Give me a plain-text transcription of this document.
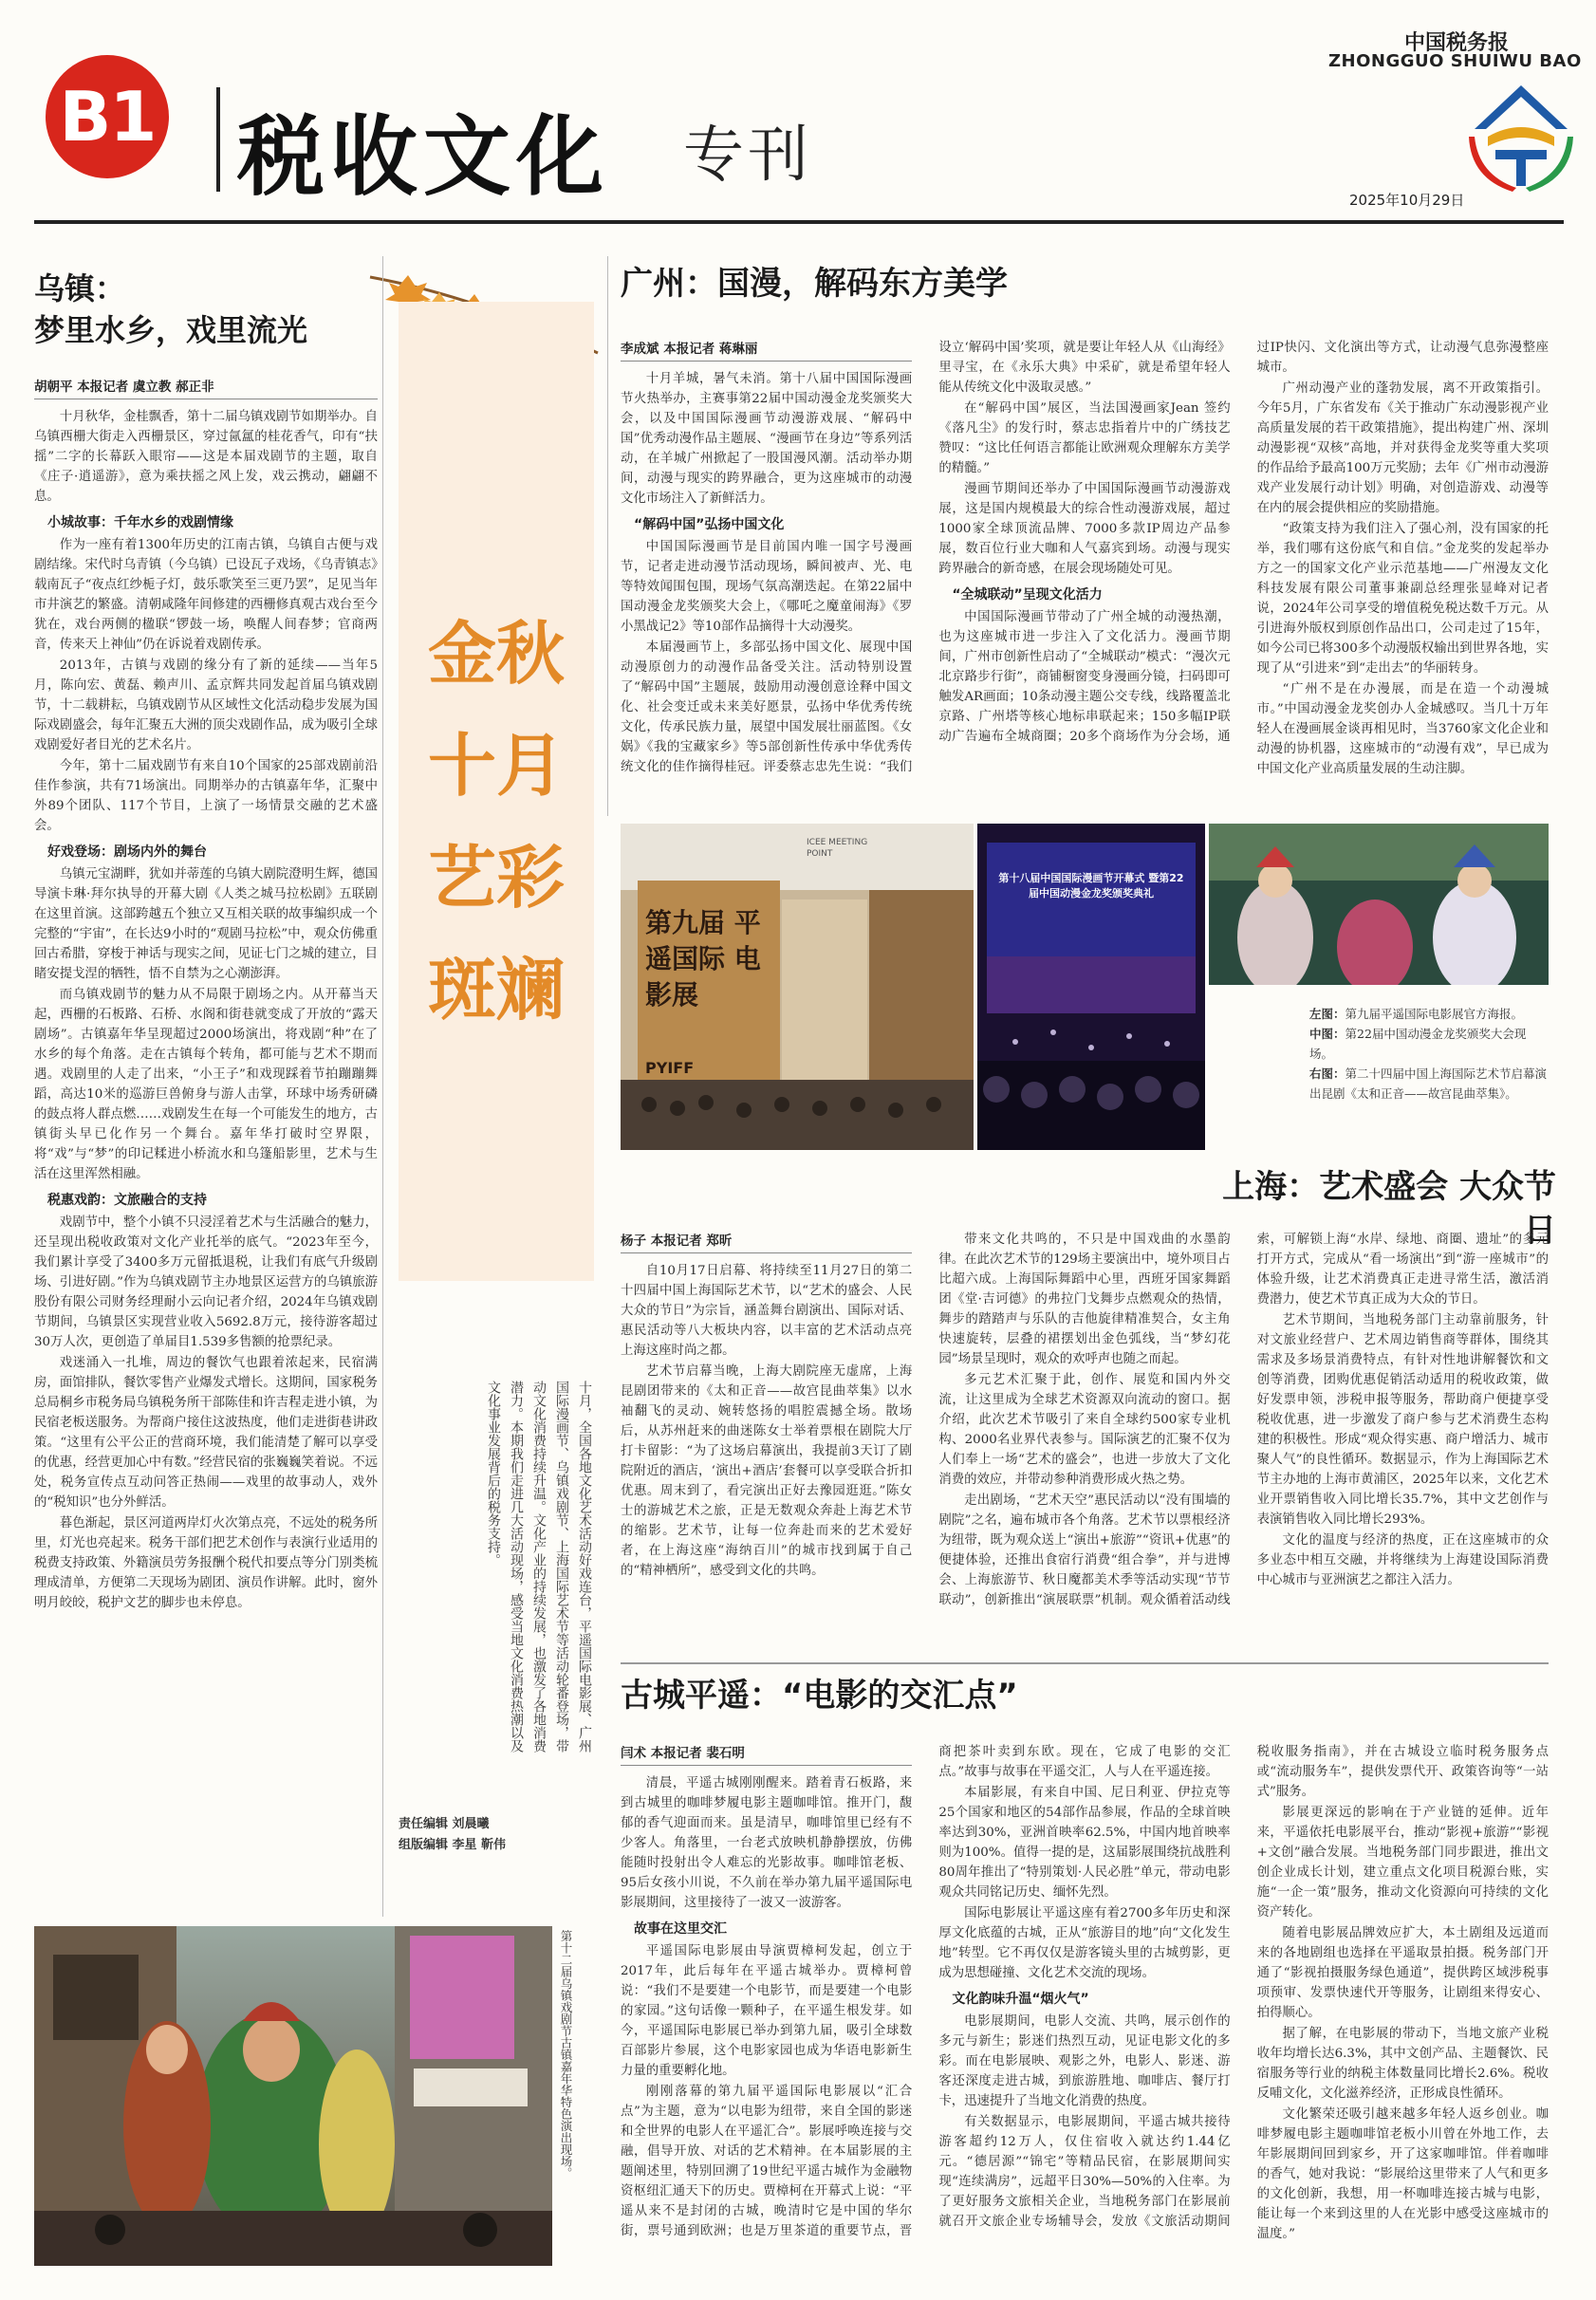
B1 税收文化 专刊
中国税务报
ZHONGGUO SHUIWU BAO
2025年10月29日
乌镇：
梦里水乡，戏里流光
胡朝平 本报记者 虞立教 郝正非

十月秋华，金桂飘香，第十二届乌镇戏剧节如期举办。自乌镇西栅大街走入西栅景区，穿过氤氲的桂花香气，印有“扶摇”二字的长幕跃入眼帘——这是本届戏剧节的主题，取自《庄子·逍遥游》，意为乘扶摇之风上发，戏云携动，翩翩不息。

小城故事：千年水乡的戏剧情缘

作为一座有着1300年历史的江南古镇，乌镇自古便与戏剧结缘。宋代时乌青镇（今乌镇）已设瓦子戏场，《乌青镇志》载南瓦子“夜点红纱栀子灯，鼓乐歌笑至三更乃罢”，足见当年市井演艺的繁盛。清朝咸隆年间修建的西栅修真观古戏台至今犹在，戏台两侧的楹联“锣鼓一场，唤醒人间春梦；官商两音，传来天上神仙”仍在诉说着戏剧传承。

2013年，古镇与戏剧的缘分有了新的延续——当年5月，陈向宏、黄磊、赖声川、孟京辉共同发起首届乌镇戏剧节，十二载耕耘，乌镇戏剧节从区域性文化活动稳步发展为国际戏剧盛会，每年汇聚五大洲的顶尖戏剧作品，成为吸引全球戏剧爱好者目光的艺术名片。

今年，第十二届戏剧节有来自10个国家的25部戏剧前沿佳作参演，共有71场演出。同期举办的古镇嘉年华，汇聚中外89个团队、117个节目，上演了一场情景交融的艺术盛会。

好戏登场：剧场内外的舞台

乌镇元宝湖畔，犹如并蒂莲的乌镇大剧院澄明生辉，德国导演卡琳·拜尔执导的开幕大剧《人类之城马拉松剧》五联剧在这里首演。这部跨越五个独立又互相关联的故事编织成一个完整的“宇宙”，在长达9小时的“观剧马拉松”中，观众仿佛重回古希腊，穿梭于神话与现实之间，见证七门之城的建立，目睹安提戈涅的牺牲，悟不自禁为之心潮澎湃。

而乌镇戏剧节的魅力从不局限于剧场之内。从开幕当天起，西栅的石板路、石桥、水阁和街巷就变成了开放的“露天剧场”。古镇嘉年华呈现超过2000场演出，将戏剧“种”在了水乡的每个角落。走在古镇每个转角，都可能与艺术不期而遇。戏剧里的人走了出来，“小王子”和戏现踩着节拍蹦蹦舞蹈，高达10米的巡游巨兽俯身与游人击掌，环球中场秀研磷的鼓点将人群点燃……戏剧发生在每一个可能发生的地方，古镇街头早已化作另一个舞台。嘉年华打破时空界限，将“戏”与“梦”的印记糅进小桥流水和乌篷船影里，艺术与生活在这里浑然相融。

税惠戏韵：文旅融合的支持

戏剧节中，整个小镇不只浸淫着艺术与生活融合的魅力，还呈现出税收政策对文化产业托举的底气。“2023年至今，我们累计享受了3400多万元留抵退税，让我们有底气升级剧场、引进好剧。”作为乌镇戏剧节主办地景区运营方的乌镇旅游股份有限公司财务经理耐小云向记者介绍，2024年乌镇戏剧节期间，乌镇景区实现营业收入5692.8万元，接待游客超过30万人次，更创造了单届目1.539多售额的抢票纪录。

戏迷涌入一扎堆，周边的餐饮气也跟着浓起来，民宿满房，面馆排队，餐饮零售产业爆发式增长。这期间，国家税务总局桐乡市税务局乌镇税务所干部陈佳和许吉程走进小镇，为民宿老板送服务。为帮商户接住这波热度，他们走进街巷讲政策。“这里有公平公正的营商环境，我们能清楚了解可以享受的优惠，经营更加心中有数。”经营民宿的张巍巍笑着说。不远处，税务宣传点互动问答正热闹——戏里的故事动人，戏外的“税知识”也分外鲜活。

暮色渐起，景区河道两岸灯火次第点亮，不远处的税务所里，灯光也亮起来。税务干部们把艺术创作与表演行业适用的税费支持政策、外籍演员劳务报酬个税代扣要点等分门别类梳理成清单，方便第二天现场为剧团、演员作讲解。此时，窗外明月皎皎，税护文艺的脚步也未停息。

金秋十月 艺彩斑斓
十月，全国各地文化艺术活动好戏连台，平遥国际电影展、广州国际漫画节、乌镇戏剧节、上海国际艺术节等活动轮番登场，带动文化消费持续升温。文化产业的持续发展，也激发了各地消费潜力。本期我们走进几大活动现场，感受当地文化消费热潮以及文化事业发展背后的税务支持。
责任编辑 刘晨曦
组版编辑 李星 靳伟
第十二届乌镇戏剧节古镇嘉年华特色演出现场。
广州：国漫，解码东方美学
李成斌 本报记者 蒋琳丽

十月羊城，暑气未消。第十八届中国国际漫画节火热举办，主赛事第22届中国动漫金龙奖颁奖大会，以及中国国际漫画节动漫游戏展、“解码中国”优秀动漫作品主题展、“漫画节在身边”等系列活动，在羊城广州掀起了一股国漫风潮。活动举办期间，动漫与现实的跨界融合，更为这座城市的动漫文化市场注入了新鲜活力。

“解码中国”弘扬中国文化

中国国际漫画节是目前国内唯一国字号漫画节，记者走进动漫节活动现场，瞬间被声、光、电等特效闻围包围，现场气氛高潮迭起。在第22届中国动漫金龙奖颁奖大会上，《哪吒之魔童闹海》《罗小黑战记2》等10部作品摘得十大动漫奖。

本届漫画节上，多部弘扬中国文化、展现中国动漫原创力的动漫作品备受关注。活动特别设置了“解码中国”主题展，鼓励用动漫创意诠释中国文化、社会变迁或未来美好愿景，弘扬中华优秀传统文化，传承民族力量，展望中国发展壮丽蓝图。《女娲》《我的宝藏家乡》等5部创新性传承中华优秀传统文化的佳作摘得桂冠。评委蔡志忠先生说：“我们设立‘解码中国’奖项，就是要让年轻人从《山海经》里寻宝，在《永乐大典》中采矿，就是希望年轻人能从传统文化中汲取灵感。”

在“解码中国”展区，当法国漫画家Jean 签约《落凡尘》的发行时，蔡志忠指着片中的广绣技艺赞叹：“这比任何语言都能让欧洲观众理解东方美学的精髓。”

漫画节期间还举办了中国国际漫画节动漫游戏展，这是国内规模最大的综合性动漫游戏展，超过1000家全球顶流品牌、7000多款IP周边产品参展，数百位行业大咖和人气嘉宾到场。动漫与现实跨界融合的新奇感，在展会现场随处可见。

“全城联动”呈现文化活力

中国国际漫画节带动了广州全城的动漫热潮，也为这座城市进一步注入了文化活力。漫画节期间，广州市创新性启动了“全城联动”模式：“漫次元北京路步行街”，商铺橱窗变身漫画分镜，扫码即可触发AR画面；10条动漫主题公交专线，线路覆盖北京路、广州塔等核心地标串联起来；150多幅IP联动广告遍布全城商圈；20多个商场作为分会场，通过IP快闪、文化演出等方式，让动漫气息弥漫整座城市。

广州动漫产业的蓬勃发展，离不开政策指引。今年5月，广东省发布《关于推动广东动漫影视产业高质量发展的若干政策措施》，提出构建广州、深圳动漫影视“双核”高地，并对获得金龙奖等重大奖项的作品给予最高100万元奖励；去年《广州市动漫游戏产业发展行动计划》明确，对创造游戏、动漫等在内的展会提供相应的奖励措施。

“政策支持为我们注入了强心剂，没有国家的托举，我们哪有这份底气和自信。”金龙奖的发起举办方之一的国家文化产业示范基地——广州漫友文化科技发展有限公司董事兼副总经理张显峰对记者说，2024年公司享受的增值税免税达数千万元。从引进海外版权到原创作品出口，公司走过了15年，如今公司已将300多个动漫版权输出到世界各地，实现了从“引进来”到“走出去”的华丽转身。

“广州不是在办漫展，而是在造一个动漫城市。”中国动漫金龙奖创办人金城感叹。当几十万年轻人在漫画展金谈再相见时，当3760家文化企业和动漫的协机器，这座城市的“动漫有戏”，早已成为中国文化产业高质量发展的生动注脚。

第九届 平遥国际 电影展
PYIFF
ICEE MEETING POINT
第十八届中国国际漫画节开幕式 暨第22届中国动漫金龙奖颁奖典礼
左图：第九届平遥国际电影展官方海报。
中图：第22届中国动漫金龙奖颁奖大会现场。
右图：第二十四届中国上海国际艺术节启幕演出昆剧《太和正音——故宫昆曲萃集》。
上海：艺术盛会 大众节日
杨子 本报记者 郑昕

自10月17日启幕、将持续至11月27日的第二十四届中国上海国际艺术节，以“艺术的盛会、人民大众的节日”为宗旨，涵盖舞台剧演出、国际对话、惠民活动等八大板块内容，以丰富的艺术活动点亮上海这座时尚之都。

艺术节启幕当晚，上海大剧院座无虚席，上海昆剧团带来的《太和正音——故宫昆曲萃集》以水袖翻飞的灵动、婉转悠扬的唱腔震撼全场。散场后，从苏州赶来的曲迷陈女士举着票根在剧院大厅打卡留影：“为了这场启幕演出，我提前3天订了剧院附近的酒店，‘演出+酒店’套餐可以享受联合折扣优惠。周末到了，看完演出正好去豫园逛逛。”陈女士的游城艺术之旅，正是无数观众奔赴上海艺术节的缩影。艺术节，让每一位奔赴而来的艺术爱好者，在上海这座“海纳百川”的城市找到属于自己的“精神栖所”，感受到文化的共鸣。

带来文化共鸣的，不只是中国戏曲的水墨韵律。在此次艺术节的129场主要演出中，境外项目占比超六成。上海国际舞蹈中心里，西班牙国家舞蹈团《堂·吉诃德》的弗拉门戈舞步点燃观众的热情，舞步的踏踏声与乐队的吉他旋律精准契合，女主角快速旋转，层叠的裙摆划出金色弧线，当“梦幻花园”场景呈现时，观众的欢呼声也随之而起。

多元艺术汇聚于此，创作、展览和国内外交流，让这里成为全球艺术资源双向流动的窗口。据介绍，此次艺术节吸引了来自全球约500家专业机构、2000名业界代表参与。国际演艺的汇聚不仅为人们奉上一场“艺术的盛会”，也进一步放大了文化消费的效应，并带动参种消费形成火热之势。

走出剧场，“艺术天空”惠民活动以“没有围墙的剧院”之名，遍布城市各个角落。艺术节以票根经济为纽带，既为观众送上“演出+旅游”“资讯+优惠”的便捷体验，还推出食宿行消费“组合拳”，并与进博会、上海旅游节、秋日魔都美术季等活动实现“节节联动”，创新推出“演展联票”机制。观众循着活动线索，可解锁上海“水岸、绿地、商圈、遗址”的多元打开方式，完成从“看一场演出”到“游一座城市”的体验升级，让艺术消费真正走进寻常生活，激活消费潜力，使艺术节真正成为大众的节日。

艺术节期间，当地税务部门主动靠前服务，针对文旅业经营户、艺术周边销售商等群体，围绕其需求及多场景消费特点，有针对性地讲解餐饮和文创等消费，团购优惠促销活动适用的税收政策，做好发票申领，涉税申报等服务，帮助商户便捷享受税收优惠，进一步激发了商户参与艺术消费生态构建的积极性。形成“观众得实惠、商户增活力、城市聚人气”的良性循环。数据显示，作为上海国际艺术节主办地的上海市黄浦区，2025年以来，文化艺术业开票销售收入同比增长35.7%，其中文艺创作与表演销售收入同比增长293%。

文化的温度与经济的热度，正在这座城市的众多业态中相互交融，并将继续为上海建设国际消费中心城市与亚洲演艺之都注入活力。

古城平遥：“电影的交汇点”
闫术 本报记者 裴石明

清晨，平遥古城刚刚醒来。踏着青石板路，来到古城里的咖啡梦履电影主题咖啡馆。推开门，馥郁的香气迎面而来。虽是清早，咖啡馆里已经有不少客人。角落里，一台老式放映机静静摆放，仿佛能随时投射出令人难忘的光影故事。咖啡馆老板、95后女孩小川说，不久前在举办第九届平遥国际电影展期间，这里接待了一波又一波游客。

故事在这里交汇

平遥国际电影展由导演贾樟柯发起，创立于2017年，此后每年在平遥古城举办。贾樟柯曾说：“我们不是要建一个电影节，而是要建一个电影的家园。”这句话像一颗种子，在平遥生根发芽。如今，平遥国际电影展已举办到第九届，吸引全球数百部影片参展，这个电影家园也成为华语电影新生力量的重要孵化地。

刚刚落幕的第九届平遥国际电影展以“汇合点”为主题，意为“以电影为纽带，来自全国的影迷和全世界的电影人在平遥汇合”。影展呼唤连接与交融，倡导开放、对话的艺术精神。在本届影展的主题阐述里，特别回溯了19世纪平遥古城作为金融物资枢纽汇通天下的历史。贾樟柯在开幕式上说：“平遥从来不是封闭的古城，晚清时它是中国的华尔街，票号通到欧洲；也是万里茶道的重要节点，晋商把茶叶卖到东欧。现在，它成了电影的交汇点。”故事与故事在平遥交汇，人与人在平遥连接。

本届影展，有来自中国、尼日利亚、伊拉克等25个国家和地区的54部作品参展，作品的全球首映率达到30%，亚洲首映率62.5%，中国内地首映率则为100%。值得一提的是，这届影展围绕抗战胜利80周年推出了“特别策划·人民必胜”单元，带动电影观众共同铭记历史、缅怀先烈。

国际电影展让平遥这座有着2700多年历史和深厚文化底蕴的古城，正从“旅游目的地”向“文化发生地”转型。它不再仅仅是游客镜头里的古城剪影，更成为思想碰撞、文化艺术交流的现场。

文化韵味升温“烟火气”

电影展期间，电影人交流、共鸣，展示创作的多元与新生；影迷们热烈互动，见证电影文化的多彩。而在电影展映、观影之外，电影人、影迷、游客还深度走进古城，到旅游胜地、咖啡店、餐厅打卡，迅速提升了当地文化消费的热度。

有关数据显示，电影展期间，平遥古城共接待游客超约12万人，仅住宿收入就达约1.44亿元。“德居源”“锦宅”等精品民宿，在影展期间实现“连续满房”，远超平日30%—50%的入住率。为了更好服务文旅相关企业，当地税务部门在影展前就召开文旅企业专场辅导会，发放《文旅活动期间税收服务指南》，并在古城设立临时税务服务点或“流动服务车”，提供发票代开、政策咨询等“一站式”服务。

影展更深远的影响在于产业链的延伸。近年来，平遥依托电影展平台，推动“影视+旅游”“影视+文创”融合发展。当地税务部门同步跟进，推出文创企业成长计划，建立重点文化项目税源台账，实施“一企一策”服务，推动文化资源向可持续的文化资产转化。

随着电影展品牌效应扩大，本土剧组及远道而来的各地剧组也选择在平遥取景拍摄。税务部门开通了“影视拍摄服务绿色通道”，提供跨区域涉税事项预审、发票快速代开等服务，让剧组来得安心、拍得顺心。

据了解，在电影展的带动下，当地文旅产业税收年均增长达6.3%，其中文创产品、主题餐饮、民宿服务等行业的纳税主体数量同比增长2.6%。税收反哺文化，文化滋养经济，正形成良性循环。

文化繁荣还吸引越来越多年轻人返乡创业。咖啡梦履电影主题咖啡馆老板小川曾在外地工作，去年影展期间回到家乡，开了这家咖啡馆。伴着咖啡的香气，她对我说：“影展给这里带来了人气和更多的文化创新，我想，用一杯咖啡连接古城与电影，能让每一个来到这里的人在光影中感受这座城市的温度。”
